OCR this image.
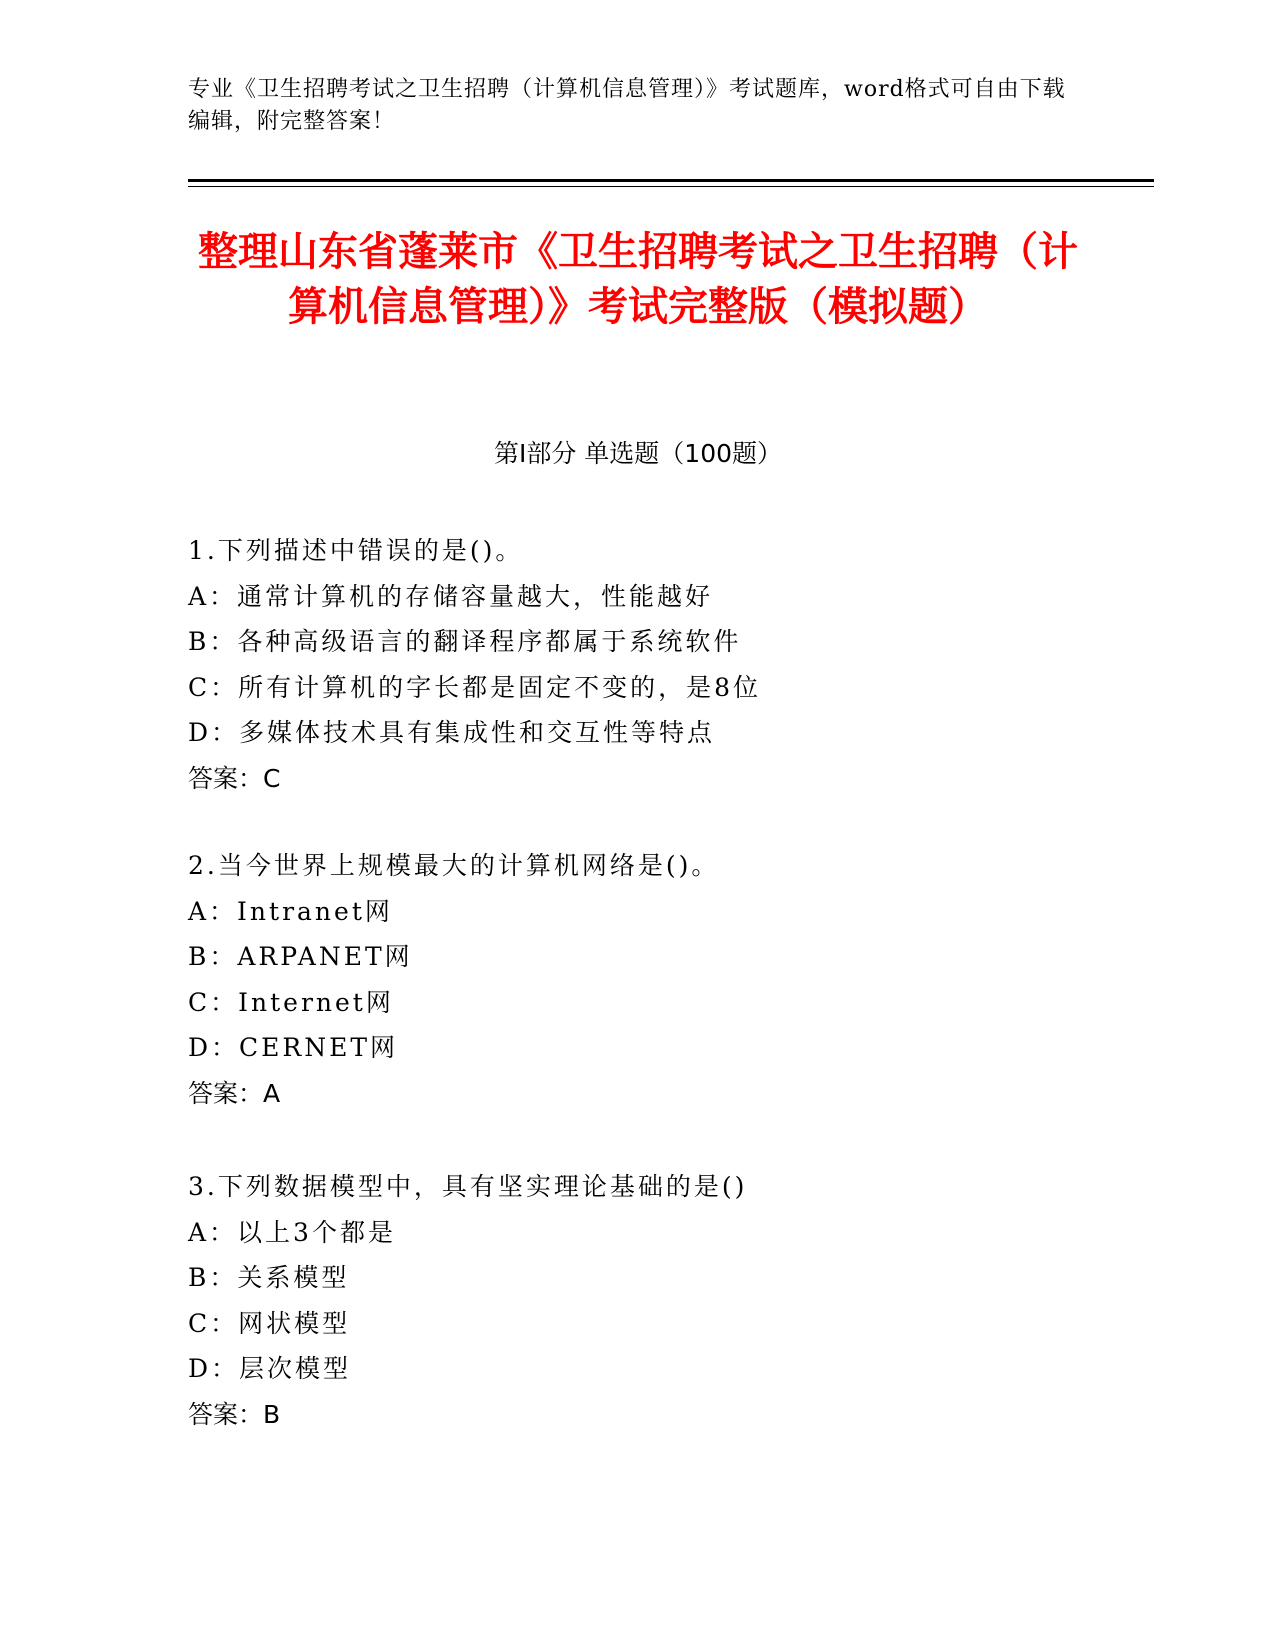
专业《卫生招聘考试之卫生招聘（计算机信息管理）》考试题库，word格式可自由下载编辑，附完整答案！
整理山东省蓬莱市《卫生招聘考试之卫生招聘（计算机信息管理）》考试完整版（模拟题）
第I部分 单选题（100题）
1.下列描述中错误的是()。
A：通常计算机的存储容量越大，性能越好
B：各种高级语言的翻译程序都属于系统软件
C：所有计算机的字长都是固定不变的，是8位
D：多媒体技术具有集成性和交互性等特点
答案：C
2.当今世界上规模最大的计算机网络是()。
A：Intranet网
B：ARPANET网
C：Internet网
D：CERNET网
答案：A
3.下列数据模型中，具有坚实理论基础的是()
A：以上3个都是
B：关系模型
C：网状模型
D：层次模型
答案：B
